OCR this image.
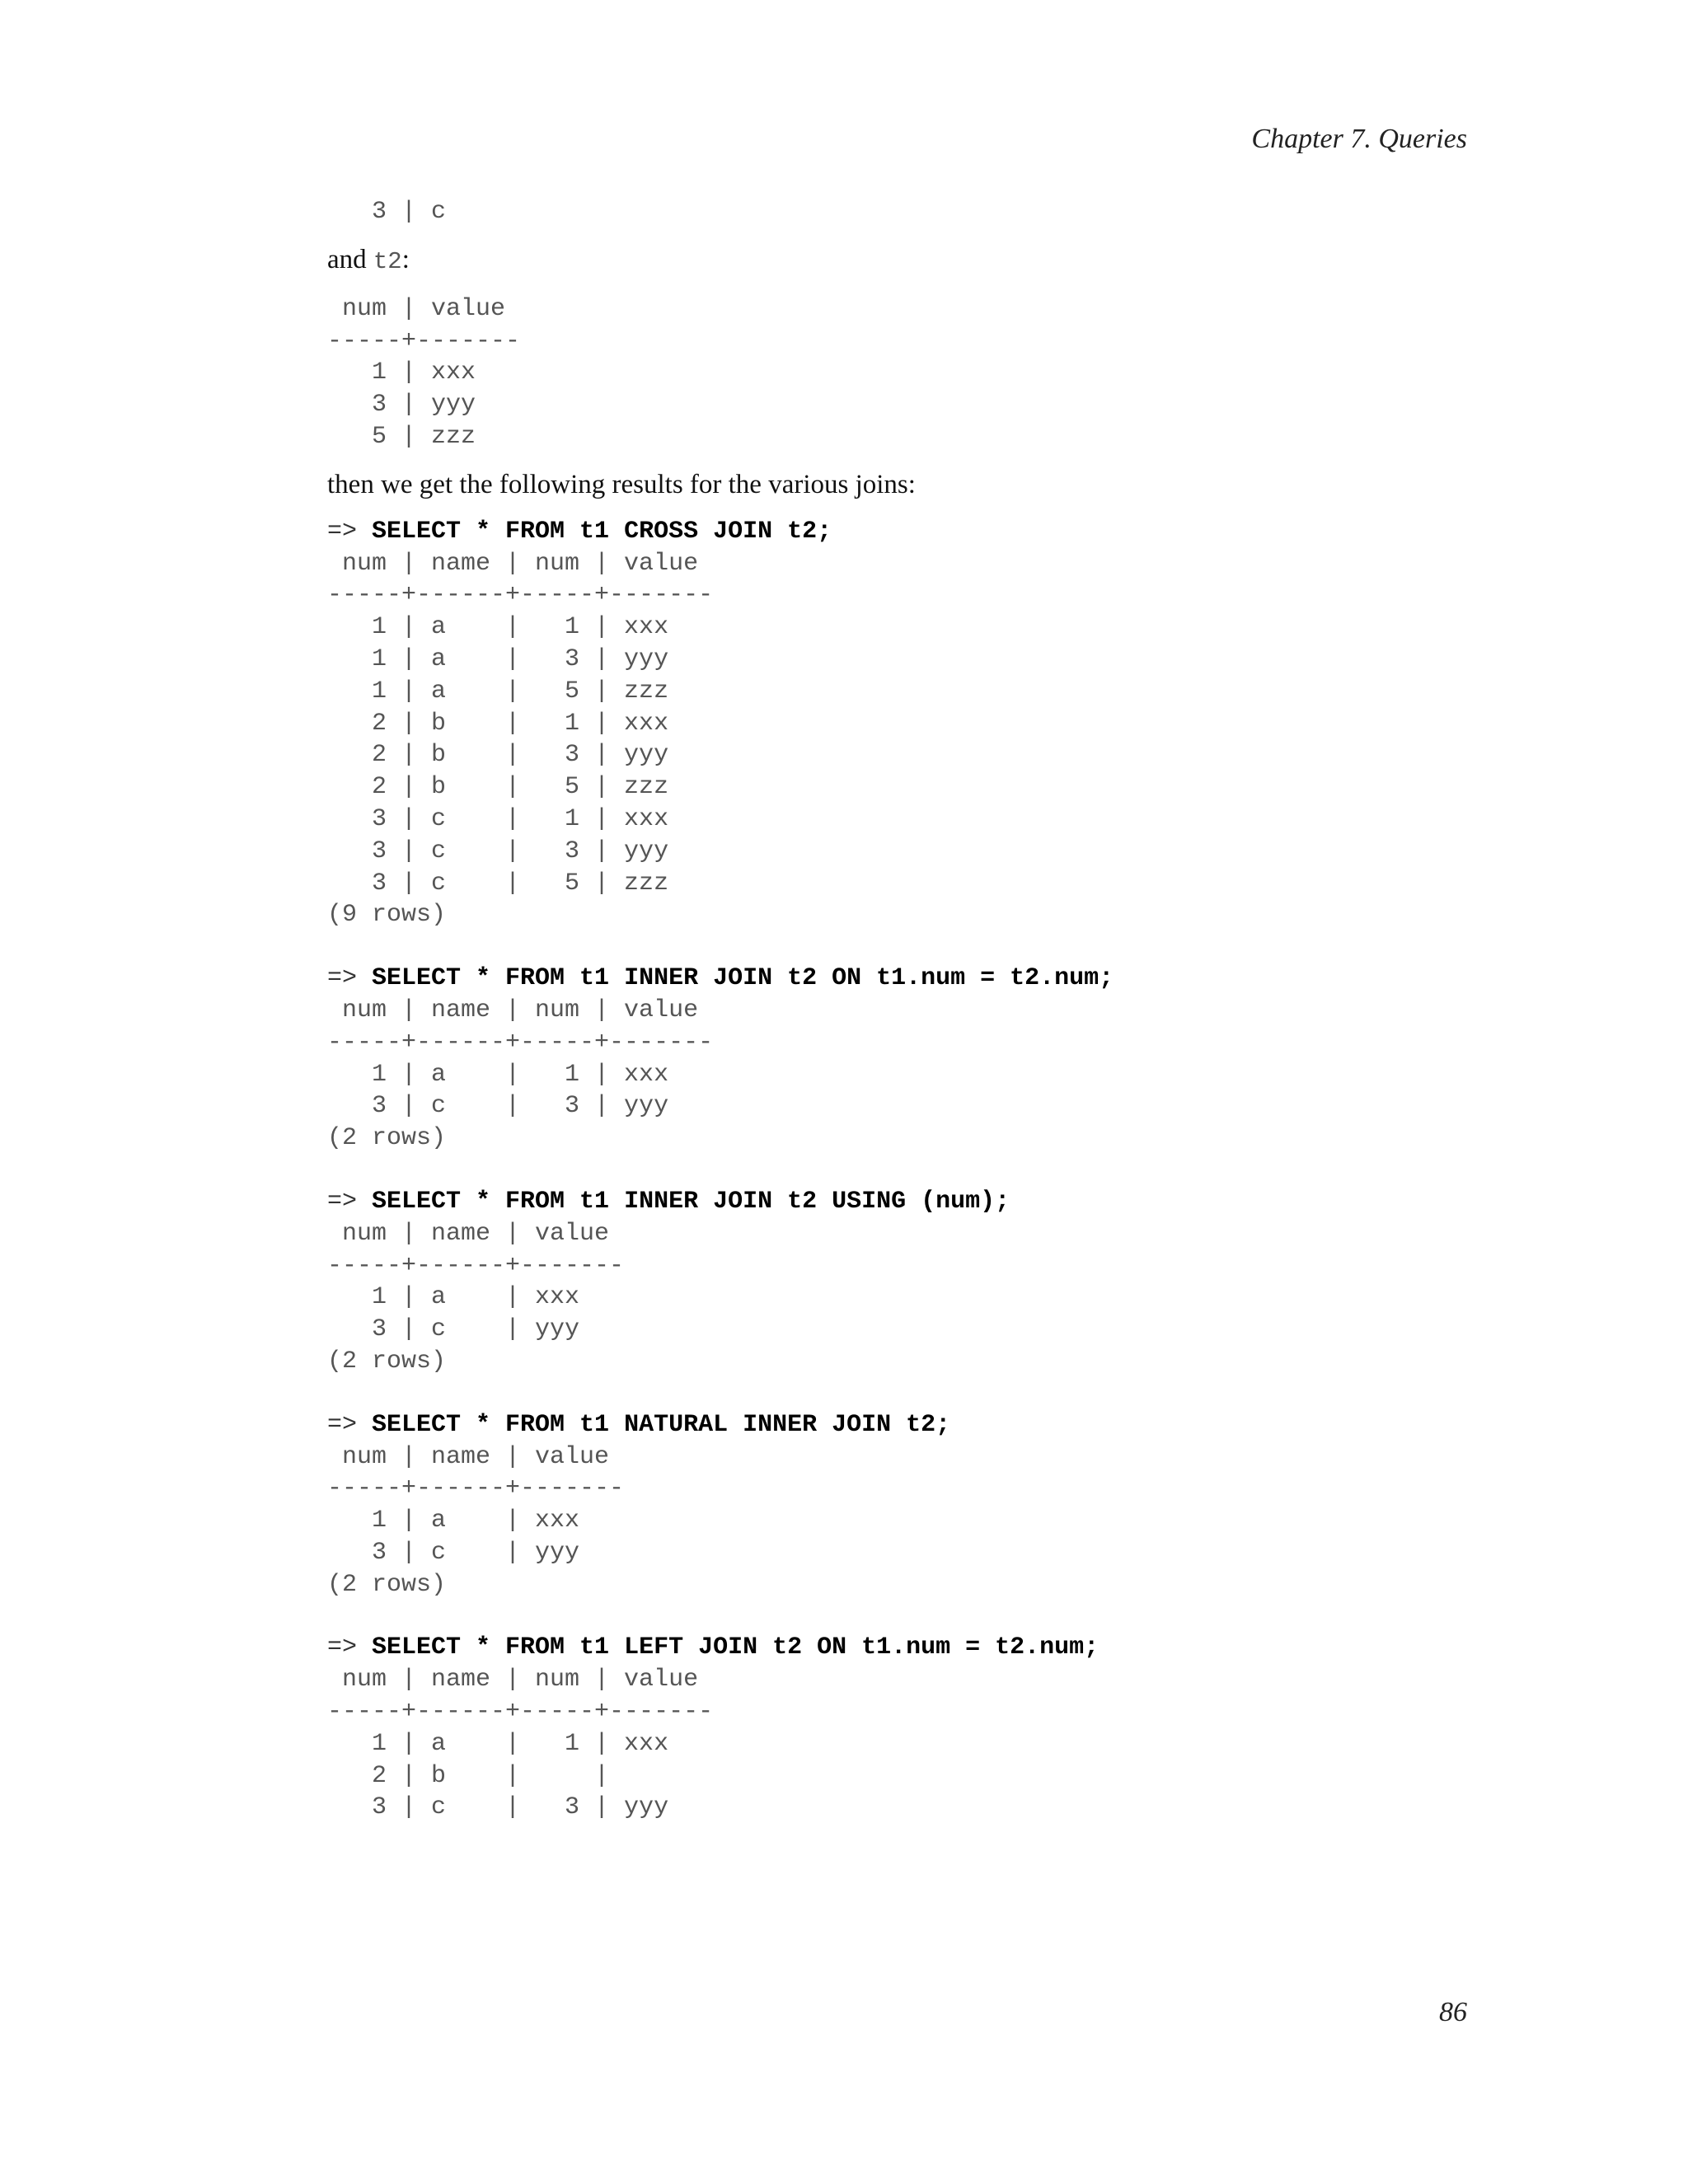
Chapter 7. Queries
3 | c
and t2:
num | value
-----+-------
1 | xxx
3 | yyy
5 | zzz
then we get the following results for the various joins:
=> SELECT * FROM t1 CROSS JOIN t2;
num | name | num | value
-----+------+-----+-------
1 | a    |   1 | xxx
1 | a    |   3 | yyy
1 | a    |   5 | zzz
2 | b    |   1 | xxx
2 | b    |   3 | yyy
2 | b    |   5 | zzz
3 | c    |   1 | xxx
3 | c    |   3 | yyy
3 | c    |   5 | zzz
(9 rows)
=> SELECT * FROM t1 INNER JOIN t2 ON t1.num = t2.num;
num | name | num | value
-----+------+-----+-------
1 | a    |   1 | xxx
3 | c    |   3 | yyy
(2 rows)
=> SELECT * FROM t1 INNER JOIN t2 USING (num);
num | name | value
-----+------+-------
1 | a    | xxx
3 | c    | yyy
(2 rows)
=> SELECT * FROM t1 NATURAL INNER JOIN t2;
num | name | value
-----+------+-------
1 | a    | xxx
3 | c    | yyy
(2 rows)
=> SELECT * FROM t1 LEFT JOIN t2 ON t1.num = t2.num;
num | name | num | value
-----+------+-----+-------
1 | a    |   1 | xxx
2 | b    |     |
3 | c    |   3 | yyy
86
